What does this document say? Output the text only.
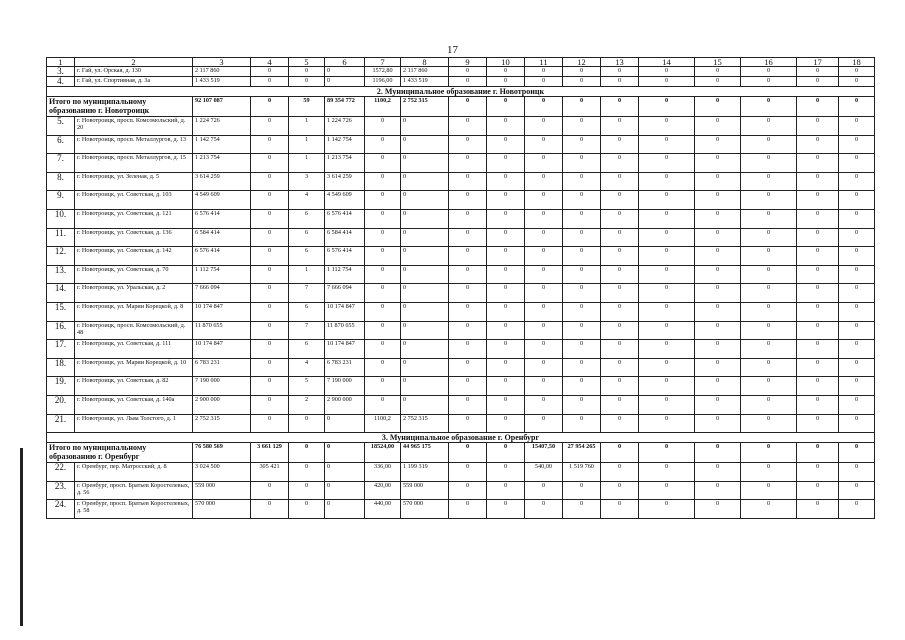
17
1	2	3	4	5	6	7	8	9	10	11	12	13	14	15	16	17	18
3.	г. Гай, ул. Орская, д. 130	2 117 860	0	0	0	1572,80	2 117 860	0	0	0	0	0	0	0	0	0	0
4.	г. Гай, ул. Спортивная, д. 3а	1 433 519	0	0	0	1196,00	1 433 519	0	0	0	0	0	0	0	0	0	0
2. Муниципальное образование г. Новотроицк																	
Итого по муниципальному образованию г. Новотроицк		92 107 087	0	59	89 354 772	1100,2	2 752 315	0	0	0	0	0	0	0	0	0	0
5.	г. Новотроицк, просп. Комсомольский, д. 20	1 224 726	0	1	1 224 726	0	0	0	0	0	0	0	0	0	0	0	0
6.	г. Новотроицк, просп. Металлургов, д. 13	1 142 754	0	1	1 142 754	0	0	0	0	0	0	0	0	0	0	0	0
7.	г. Новотроицк, просп. Металлургов, д. 15	1 213 754	0	1	1 213 754	0	0	0	0	0	0	0	0	0	0	0	0
8.	г. Новотроицк, ул. Зеленая, д. 5	3 614 259	0	3	3 614 259	0	0	0	0	0	0	0	0	0	0	0	0
9.	г. Новотроицк, ул. Советская, д. 103	4 549 609	0	4	4 549 609	0	0	0	0	0	0	0	0	0	0	0	0
10.	г. Новотроицк, ул. Советская, д. 121	6 576 414	0	6	6 576 414	0	0	0	0	0	0	0	0	0	0	0	0
11.	г. Новотроицк, ул. Советская, д. 136	6 584 414	0	6	6 584 414	0	0	0	0	0	0	0	0	0	0	0	0
12.	г. Новотроицк, ул. Советская, д. 142	6 576 414	0	6	6 576 414	0	0	0	0	0	0	0	0	0	0	0	0
13.	г. Новотроицк, ул. Советская, д. 70	1 112 754	0	1	1 112 754	0	0	0	0	0	0	0	0	0	0	0	0
14.	г. Новотроицк, ул. Уральская, д. 2	7 666 094	0	7	7 666 094	0	0	0	0	0	0	0	0	0	0	0	0
15.	г. Новотроицк, ул. Марии Корецкой, д. 8	10 174 847	0	6	10 174 847	0	0	0	0	0	0	0	0	0	0	0	0
16.	г. Новотроицк, просп. Комсомольский, д. 48	11 870 655	0	7	11 870 655	0	0	0	0	0	0	0	0	0	0	0	0
17.	г. Новотроицк, ул. Советская, д. 111	10 174 847	0	6	10 174 847	0	0	0	0	0	0	0	0	0	0	0	0
18.	г. Новотроицк, ул. Марии Корецкой, д. 10	6 783 231	0	4	6 783 231	0	0	0	0	0	0	0	0	0	0	0	0
19.	г. Новотроицк, ул. Советская, д. 82	7 190 000	0	5	7 190 000	0	0	0	0	0	0	0	0	0	0	0	0
20.	г. Новотроицк, ул. Советская, д. 140а	2 900 000	0	2	2 900 000	0	0	0	0	0	0	0	0	0	0	0	0
21.	г. Новотроицк, ул. Льва Толстого, д. 1	2 752 315	0	0	0	1100,2	2 752 315	0	0	0	0	0	0	0	0	0	0
3. Муниципальное образование г. Оренбург																	
Итого по муниципальному образованию г. Оренбург		76 580 569	3 661 129	0	0	18524,00	44 965 175	0	0	15407,50	27 954 265	0	0	0	0	0	0
22.	г. Оренбург, пер. Матросский, д. 8	3 024 500	305 421	0	0	336,00	1 199 319	0	0	540,00	1 519 760	0	0	0	0	0	0
23.	г. Оренбург, просп. Братьев Коростелевых, д. 56	559 000	0	0	0	420,00	559 000	0	0	0	0	0	0	0	0	0	0
24.	г. Оренбург, просп. Братьев Коростелевых, д. 58	570 000	0	0	0	440,00	570 000	0	0	0	0	0	0	0	0	0	0
